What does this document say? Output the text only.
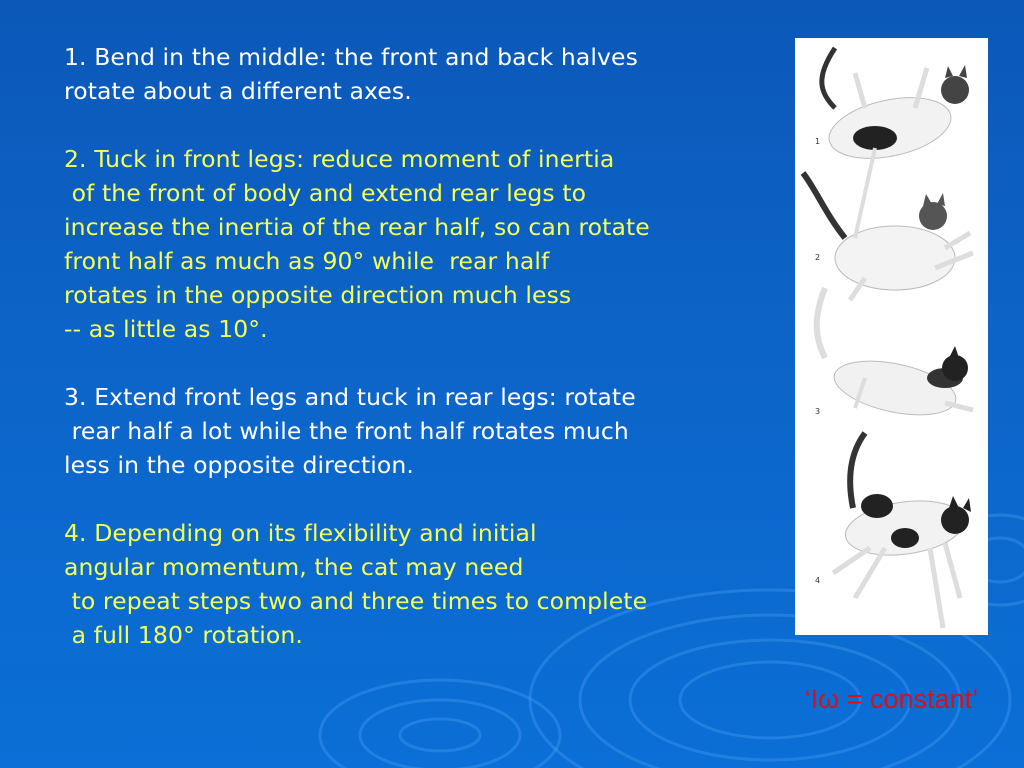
1. Bend in the middle: the front and back halves
rotate about a different axes.
2. Tuck in front legs: reduce moment of inertia
of the front of body and extend rear legs to
increase the inertia of the rear half, so can rotate
front half as much as 90° while  rear half
rotates in the opposite direction much less
-- as little as 10°.
3. Extend front legs and tuck in rear legs: rotate
rear half a lot while the front half rotates much
less in the opposite direction.
4. Depending on its flexibility and initial
angular momentum, the cat may need
to repeat steps two and three times to complete
a full 180° rotation.
1
2
3
4
‘Iω = constant’
